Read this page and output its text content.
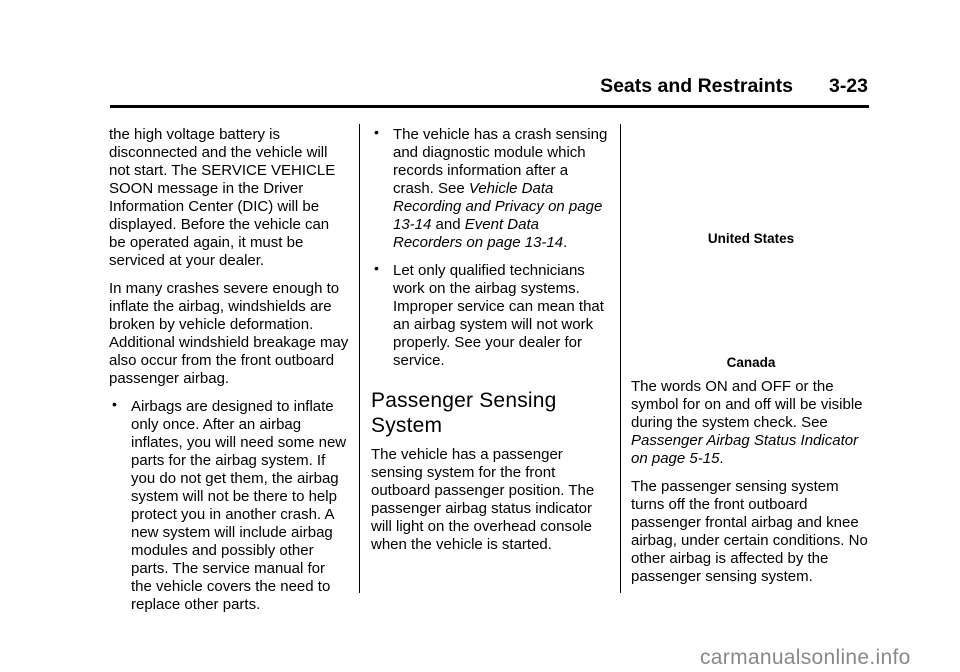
Seats and Restraints 3-23

the high voltage battery is disconnected and the vehicle will not start. The SERVICE VEHICLE SOON message in the Driver Information Center (DIC) will be displayed. Before the vehicle can be operated again, it must be serviced at your dealer.

In many crashes severe enough to inflate the airbag, windshields are broken by vehicle deformation. Additional windshield breakage may also occur from the front outboard passenger airbag.

• Airbags are designed to inflate only once. After an airbag inflates, you will need some new parts for the airbag system. If you do not get them, the airbag system will not be there to help protect you in another crash. A new system will include airbag modules and possibly other parts. The service manual for the vehicle covers the need to replace other parts.
• The vehicle has a crash sensing and diagnostic module which records information after a crash. See Vehicle Data Recording and Privacy on page 13-14 and Event Data Recorders on page 13-14.
• Let only qualified technicians work on the airbag systems. Improper service can mean that an airbag system will not work properly. See your dealer for service.
Passenger Sensing System

The vehicle has a passenger sensing system for the front outboard passenger position. The passenger airbag status indicator will light on the overhead console when the vehicle is started.

United States
Canada

The words ON and OFF or the symbol for on and off will be visible during the system check. See Passenger Airbag Status Indicator on page 5-15.

The passenger sensing system turns off the front outboard passenger frontal airbag and knee airbag, under certain conditions. No other airbag is affected by the passenger sensing system.

carmanualsonline.info
